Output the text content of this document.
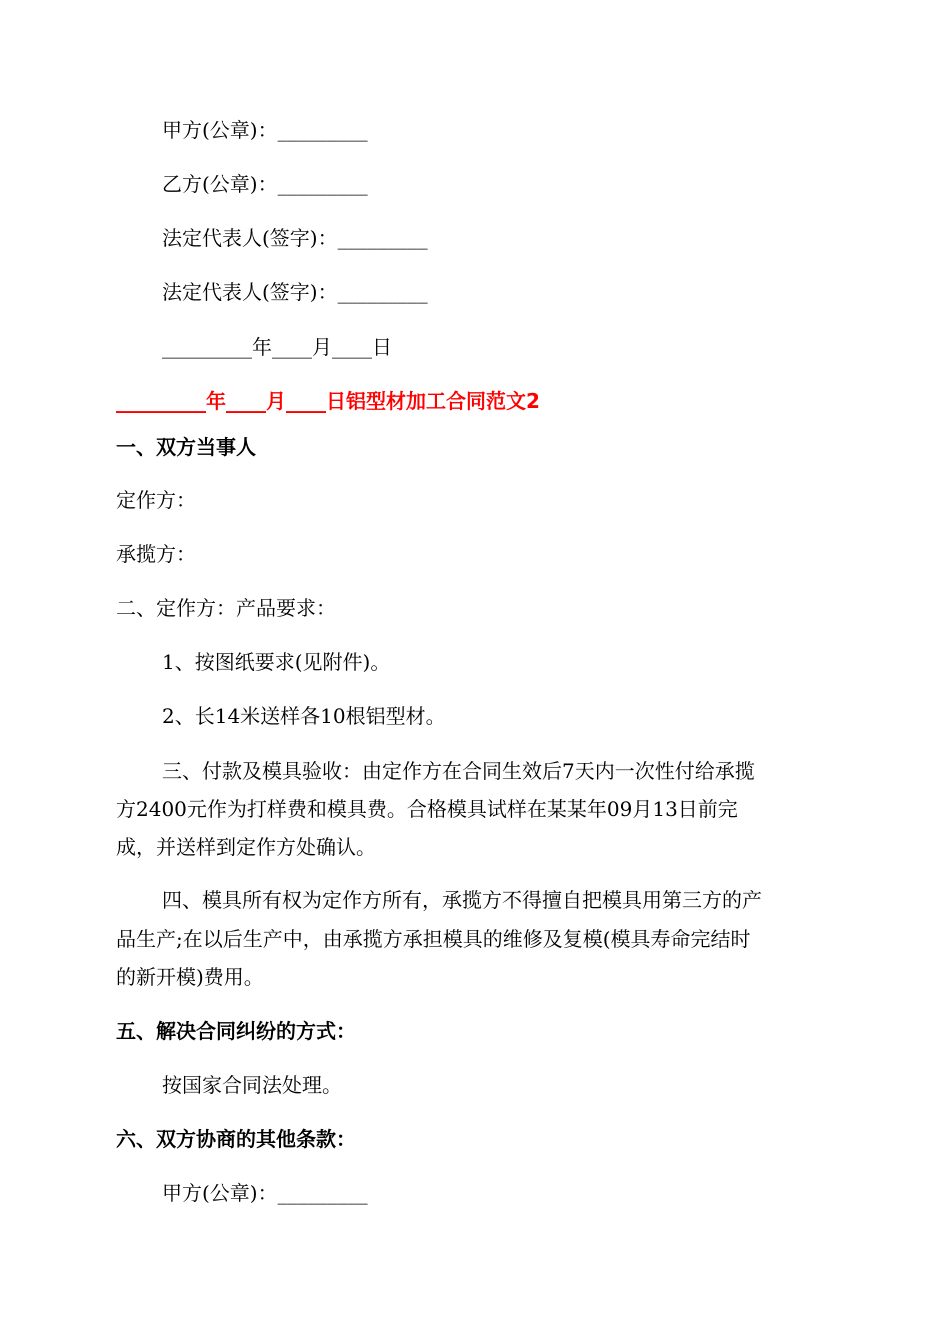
甲方(公章)：_________
乙方(公章)：_________
法定代表人(签字)：_________
法定代表人(签字)：_________
_________年____月____日
_________年____月____日铝型材加工合同范文2
一、双方当事人
定作方：
承揽方：
二、定作方：产品要求：
1、按图纸要求(见附件)。
2、长14米送样各10根铝型材。
三、付款及模具验收：由定作方在合同生效后7天内一次性付给承揽
方2400元作为打样费和模具费。合格模具试样在某某年09月13日前完
成，并送样到定作方处确认。
四、模具所有权为定作方所有，承揽方不得擅自把模具用第三方的产
品生产;在以后生产中，由承揽方承担模具的维修及复模(模具寿命完结时
的新开模)费用。
五、解决合同纠纷的方式：
按国家合同法处理。
六、双方协商的其他条款：
甲方(公章)：_________
